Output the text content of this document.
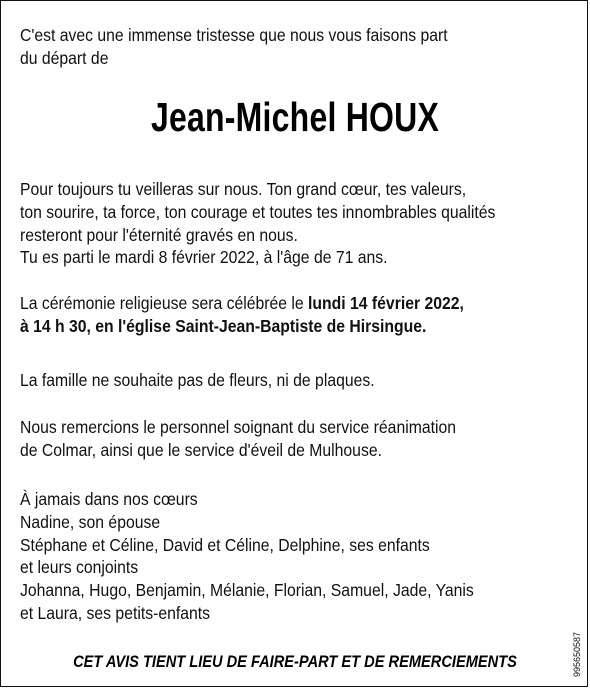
C'est avec une immense tristesse que nous vous faisons part
du départ de

Jean-Michel HOUX

Pour toujours tu veilleras sur nous. Ton grand cœur, tes valeurs,
ton sourire, ta force, ton courage et toutes tes innombrables qualités
resteront pour l'éternité gravés en nous.
Tu es parti le mardi 8 février 2022, à l'âge de 71 ans.

La cérémonie religieuse sera célébrée le lundi 14 février 2022,
à 14 h 30, en l'église Saint-Jean-Baptiste de Hirsingue.

La famille ne souhaite pas de fleurs, ni de plaques.

Nous remercions le personnel soignant du service réanimation
de Colmar, ainsi que le service d'éveil de Mulhouse.

À jamais dans nos cœurs
Nadine, son épouse
Stéphane et Céline, David et Céline, Delphine, ses enfants
et leurs conjoints
Johanna, Hugo, Benjamin, Mélanie, Florian, Samuel, Jade, Yanis
et Laura, ses petits-enfants

CET AVIS TIENT LIEU DE FAIRE-PART ET DE REMERCIEMENTS	995650587
